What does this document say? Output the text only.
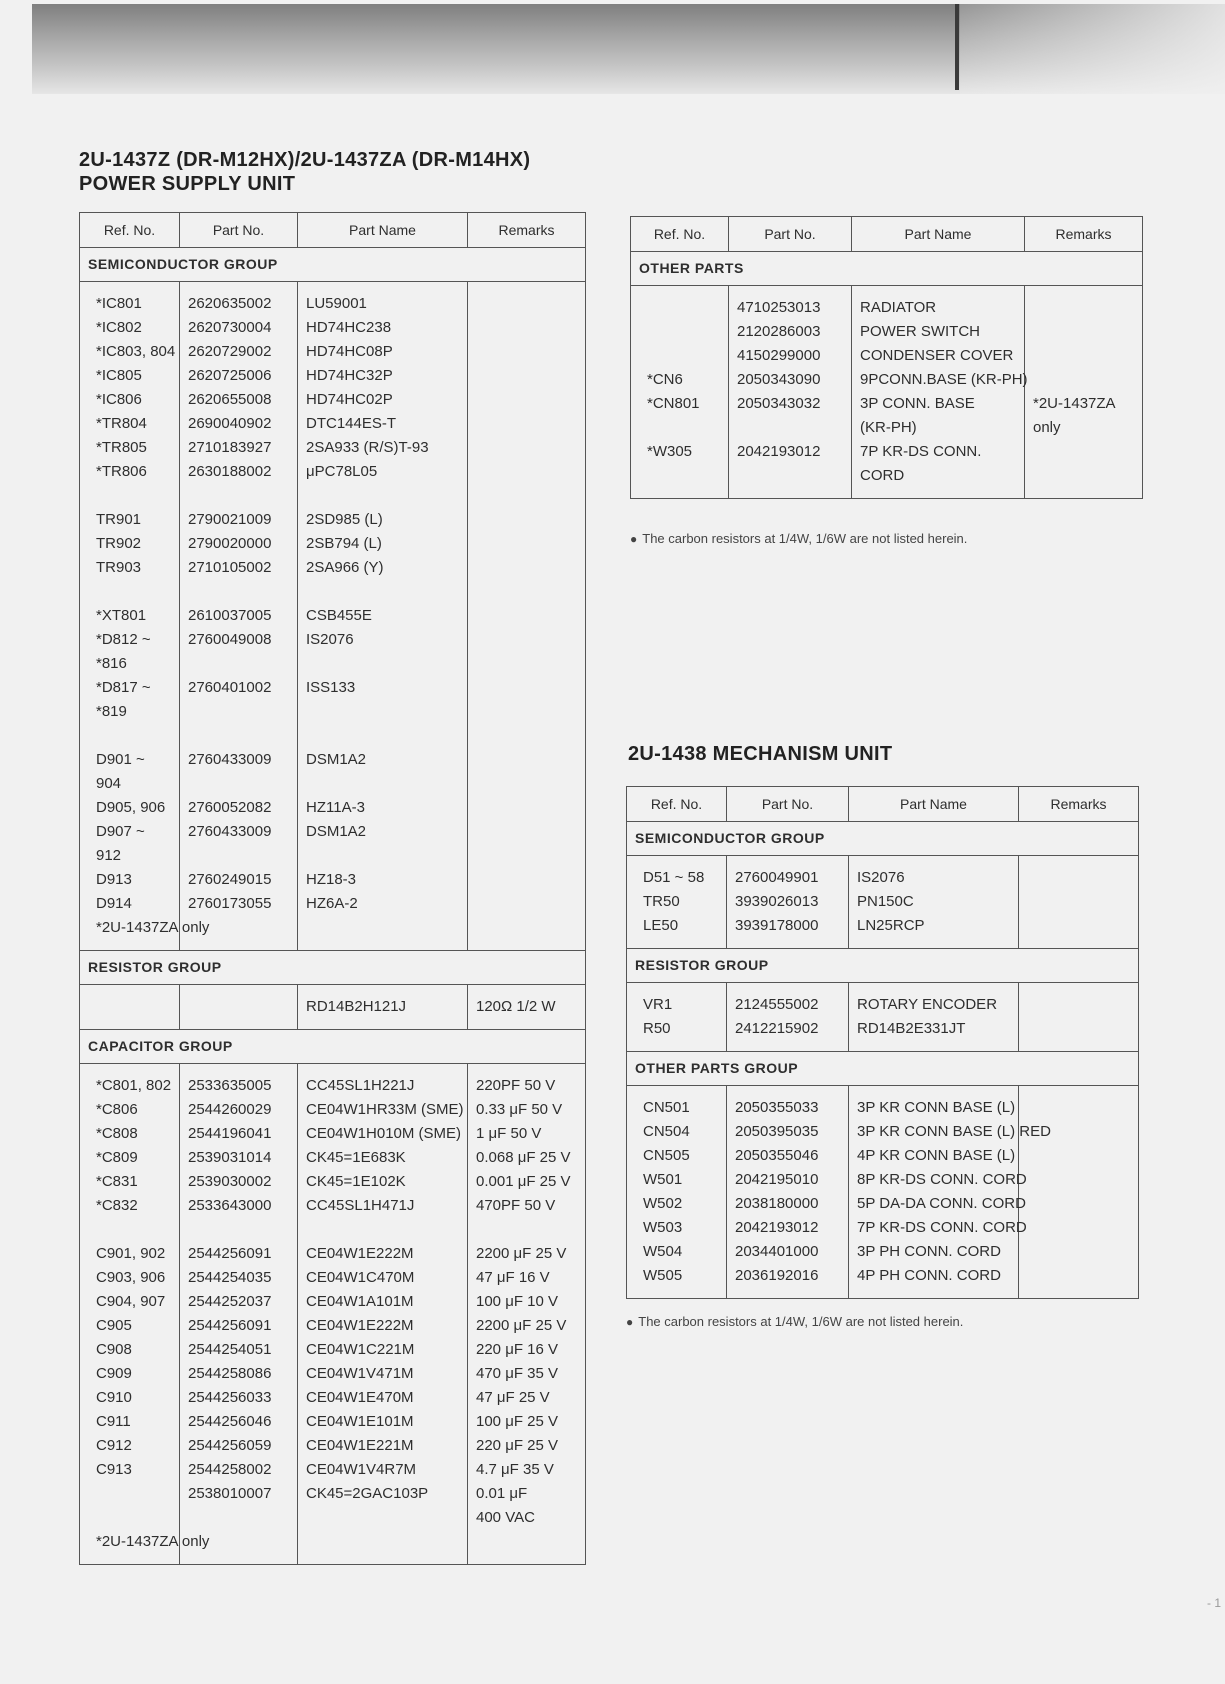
2U-1437Z (DR-M12HX)/2U-1437ZA (DR-M14HX)
POWER SUPPLY UNIT
Ref. No.	Part No.	Part Name	Remarks
SEMICONDUCTOR GROUP			

*IC801	2620635002	LU59001	
*IC802	2620730004	HD74HC238	
*IC803, 804	2620729002	HD74HC08P	
*IC805	2620725006	HD74HC32P	
*IC806	2620655008	HD74HC02P	
*TR804	2690040902	DTC144ES-T	
*TR805	2710183927	2SA933 (R/S)T-93	
*TR806	2630188002	μPC78L05	

TR901	2790021009	2SD985 (L)	
TR902	2790020000	2SB794 (L)	
TR903	2710105002	2SA966 (Y)	

*XT801	2610037005	CSB455E	
*D812 ~	2760049008	IS2076	
*816			
*D817 ~	2760401002	ISS133	
*819			

D901 ~	2760433009	DSM1A2	
904			
D905, 906	2760052082	HZ11A-3	
D907 ~	2760433009	DSM1A2	
912			
D913	2760249015	HZ18-3	
D914	2760173055	HZ6A-2	
*2U-1437ZA only			

RESISTOR GROUP			

		RD14B2H121J	120Ω 1/2 W

CAPACITOR GROUP			

*C801, 802	2533635005	CC45SL1H221J	220PF 50 V
*C806	2544260029	CE04W1HR33M (SME)	0.33 μF 50 V
*C808	2544196041	CE04W1H010M (SME)	1 μF 50 V
*C809	2539031014	CK45=1E683K	0.068 μF 25 V
*C831	2539030002	CK45=1E102K	0.001 μF 25 V
*C832	2533643000	CC45SL1H471J	470PF 50 V

C901, 902	2544256091	CE04W1E222M	2200 μF 25 V
C903, 906	2544254035	CE04W1C470M	47 μF 16 V
C904, 907	2544252037	CE04W1A101M	100 μF 10 V
C905	2544256091	CE04W1E222M	2200 μF 25 V
C908	2544254051	CE04W1C221M	220 μF 16 V
C909	2544258086	CE04W1V471M	470 μF 35 V
C910	2544256033	CE04W1E470M	47 μF 25 V
C911	2544256046	CE04W1E101M	100 μF 25 V
C912	2544256059	CE04W1E221M	220 μF 25 V
C913	2544258002	CE04W1V4R7M	4.7 μF 35 V
	2538010007	CK45=2GAC103P	0.01 μF
			400 VAC
*2U-1437ZA only			

Ref. No.	Part No.	Part Name	Remarks
OTHER PARTS			

	4710253013	RADIATOR	
	2120286003	POWER SWITCH	
	4150299000	CONDENSER COVER	
*CN6	2050343090	9PCONN.BASE (KR-PH)	
*CN801	2050343032	3P CONN. BASE	*2U-1437ZA
		(KR-PH)	only
*W305	2042193012	7P KR-DS CONN.	
		CORD	

● The carbon resistors at 1/4W, 1/6W are not listed herein.
2U-1438 MECHANISM UNIT
Ref. No.	Part No.	Part Name	Remarks
SEMICONDUCTOR GROUP			

D51 ~ 58	2760049901	IS2076	
TR50	3939026013	PN150C	
LE50	3939178000	LN25RCP	

RESISTOR GROUP			

VR1	2124555002	ROTARY ENCODER	
R50	2412215902	RD14B2E331JT	

OTHER PARTS GROUP			

CN501	2050355033	3P KR CONN BASE (L)	
CN504	2050395035	3P KR CONN BASE (L) RED	
CN505	2050355046	4P KR CONN BASE (L)	
W501	2042195010	8P KR-DS CONN. CORD	
W502	2038180000	5P DA-DA CONN. CORD	
W503	2042193012	7P KR-DS CONN. CORD	
W504	2034401000	3P PH CONN. CORD	
W505	2036192016	4P PH CONN. CORD	

● The carbon resistors at 1/4W, 1/6W are not listed herein.
- 1
